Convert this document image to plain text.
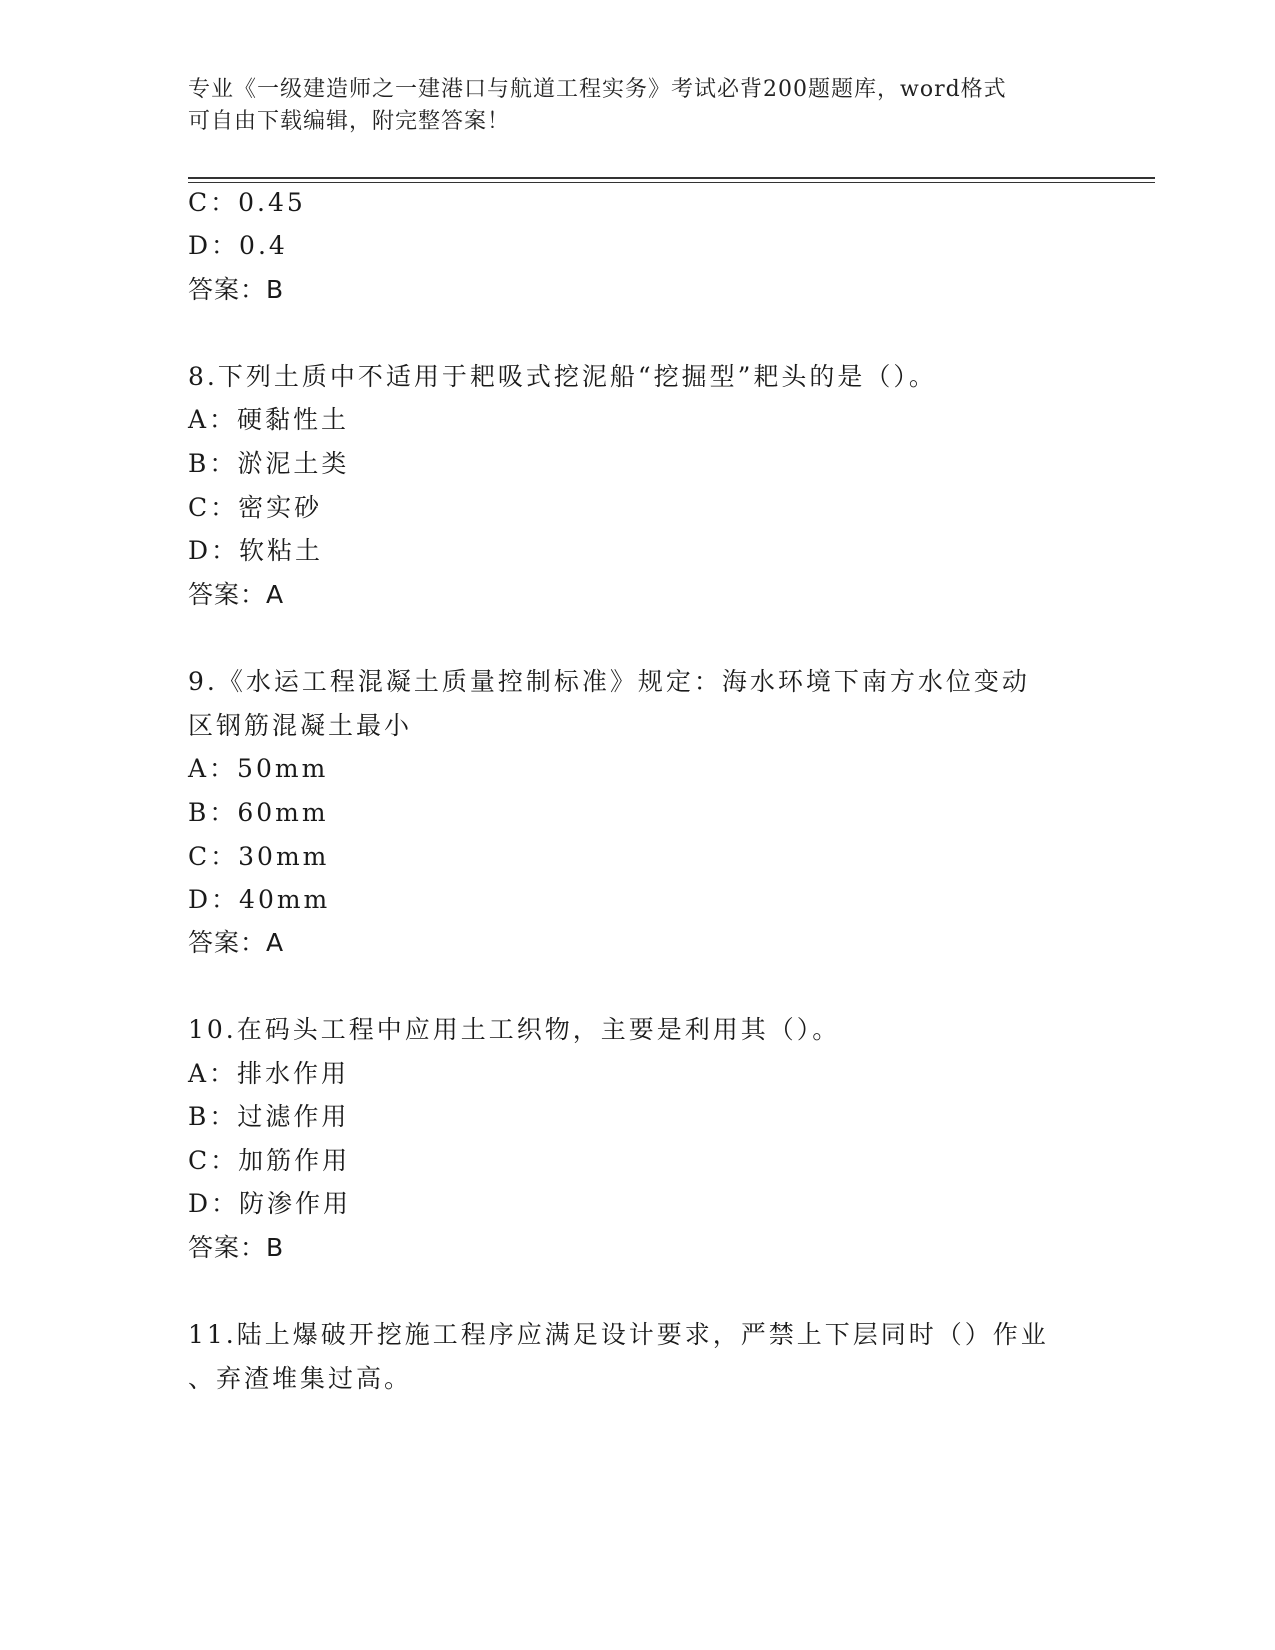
专业《一级建造师之一建港口与航道工程实务》考试必背200题题库，word格式
可自由下载编辑，附完整答案！
C：0.45
D：0.4
答案：B
8.下列土质中不适用于耙吸式挖泥船“挖掘型”耙头的是（）。
A：硬黏性土
B：淤泥土类
C：密实砂
D：软粘土
答案：A
9.《水运工程混凝土质量控制标准》规定：海水环境下南方水位变动
区钢筋混凝土最小
A：50mm
B：60mm
C：30mm
D：40mm
答案：A
10.在码头工程中应用土工织物，主要是利用其（）。
A：排水作用
B：过滤作用
C：加筋作用
D：防渗作用
答案：B
11.陆上爆破开挖施工程序应满足设计要求，严禁上下层同时（）作业
、弃渣堆集过高。
